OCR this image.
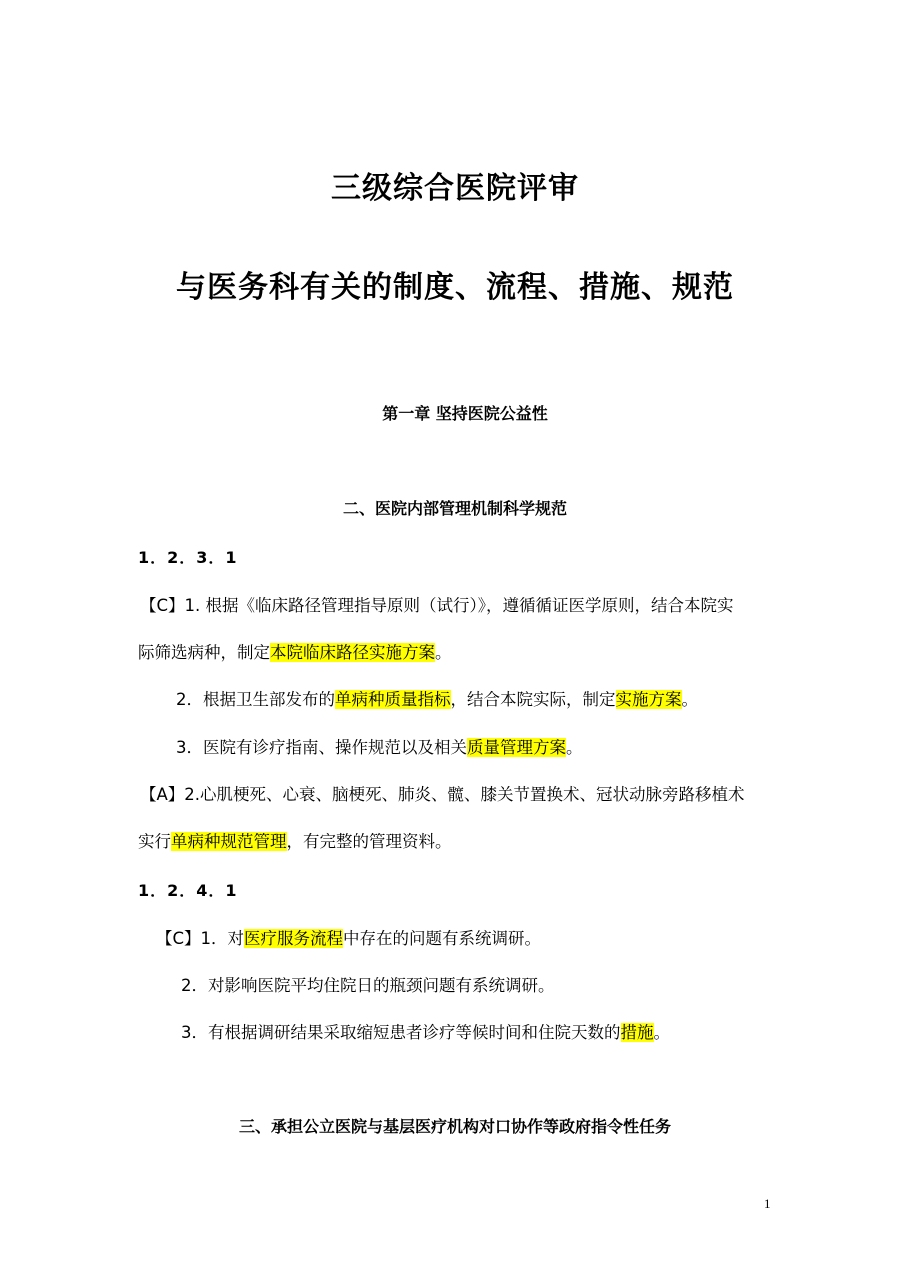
三级综合医院评审
与医务科有关的制度、流程、措施、规范
第一章 坚持医院公益性
二、医院内部管理机制科学规范
1．2．3．1
【C】1. 根据《临床路径管理指导原则（试行）》，遵循循证医学原则，结合本院实
际筛选病种，制定本院临床路径实施方案。
2．根据卫生部发布的单病种质量指标，结合本院实际，制定实施方案。
3．医院有诊疗指南、操作规范以及相关质量管理方案。
【A】2.心肌梗死、心衰、脑梗死、肺炎、髋、膝关节置换术、冠状动脉旁路移植术
实行单病种规范管理，有完整的管理资料。
1．2．4．1
【C】1．对医疗服务流程中存在的问题有系统调研。
2．对影响医院平均住院日的瓶颈问题有系统调研。
3．有根据调研结果采取缩短患者诊疗等候时间和住院天数的措施。
三、承担公立医院与基层医疗机构对口协作等政府指令性任务
1
